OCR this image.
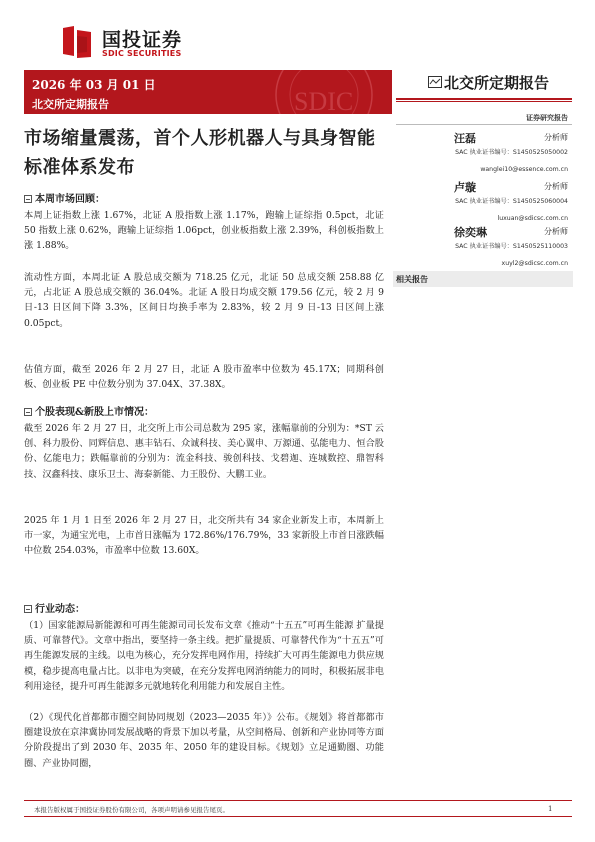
国投证券
SDIC SECURITIES
2026 年 03 月 01 日
北交所定期报告	SDIC
北交所定期报告
证券研究报告
汪磊	分析师
SAC 执业证书编号：S1450525050002
wanglei10@essence.com.cn
卢璇	分析师
SAC 执业证书编号：S1450525060004
luxuan@sdicsc.com.cn
徐奕琳	分析师
SAC 执业证书编号：S1450525110003
xuyl2@sdicsc.com.cn
相关报告
市场缩量震荡，首个人形机器人与具身智能标准体系发布
本周市场回顾：

本周上证指数上涨 1.67%，北证 A 股指数上涨 1.17%，跑输上证综指 0.5pct，北证 50 指数上涨 0.62%，跑输上证综指 1.06pct，创业板指数上涨 2.39%，科创板指数上涨 1.88%。

流动性方面，本周北证 A 股总成交额为 718.25 亿元，北证 50 总成交额 258.88 亿元，占北证 A 股总成交额的 36.04%。北证 A 股日均成交额 179.56 亿元，较 2 月 9 日-13 日区间下降 3.3%，区间日均换手率为 2.83%，较 2 月 9 日-13 日区间上涨 0.05pct。

估值方面，截至 2026 年 2 月 27 日，北证 A 股市盈率中位数为 45.17X；同期科创板、创业板 PE 中位数分别为 37.04X、37.38X。

个股表现&新股上市情况：

截至 2026 年 2 月 27 日，北交所上市公司总数为 295 家，涨幅靠前的分别为：*ST 云创、科力股份、同辉信息、惠丰钻石、众诚科技、美心翼申、万源通、弘能电力、恒合股份、亿能电力；跌幅靠前的分别为：流金科技、骏创科技、戈碧迦、连城数控、鼎智科技、汉鑫科技、康乐卫士、海泰新能、力王股份、大鹏工业。

2025 年 1 月 1 日至 2026 年 2 月 27 日，北交所共有 34 家企业新发上市，本周新上市一家，为通宝光电，上市首日涨幅为 172.86%/176.79%，33 家新股上市首日涨跌幅中位数 254.03%，市盈率中位数 13.60X。

行业动态：

（1）国家能源局新能源和可再生能源司司长发布文章《推动“十五五”可再生能源 扩量提质、可靠替代》。文章中指出，要坚持一条主线。把扩量提质、可靠替代作为“十五五”可再生能源发展的主线。以电为核心，充分发挥电网作用，持续扩大可再生能源电力供应规模，稳步提高电量占比。以非电为突破，在充分发挥电网消纳能力的同时，积极拓展非电利用途径，提升可再生能源多元就地转化利用能力和发展自主性。

（2）《现代化首都都市圈空间协同规划（2023—2035 年）》公布。《规划》将首都都市圈建设放在京津冀协同发展战略的背景下加以考量，从空间格局、创新和产业协同等方面分阶段提出了到 2030 年、2035 年、2050 年的建设目标。《规划》立足通勤圈、功能圈、产业协同圈，

本报告版权属于国投证券股份有限公司，各项声明请参见报告尾页。	1
